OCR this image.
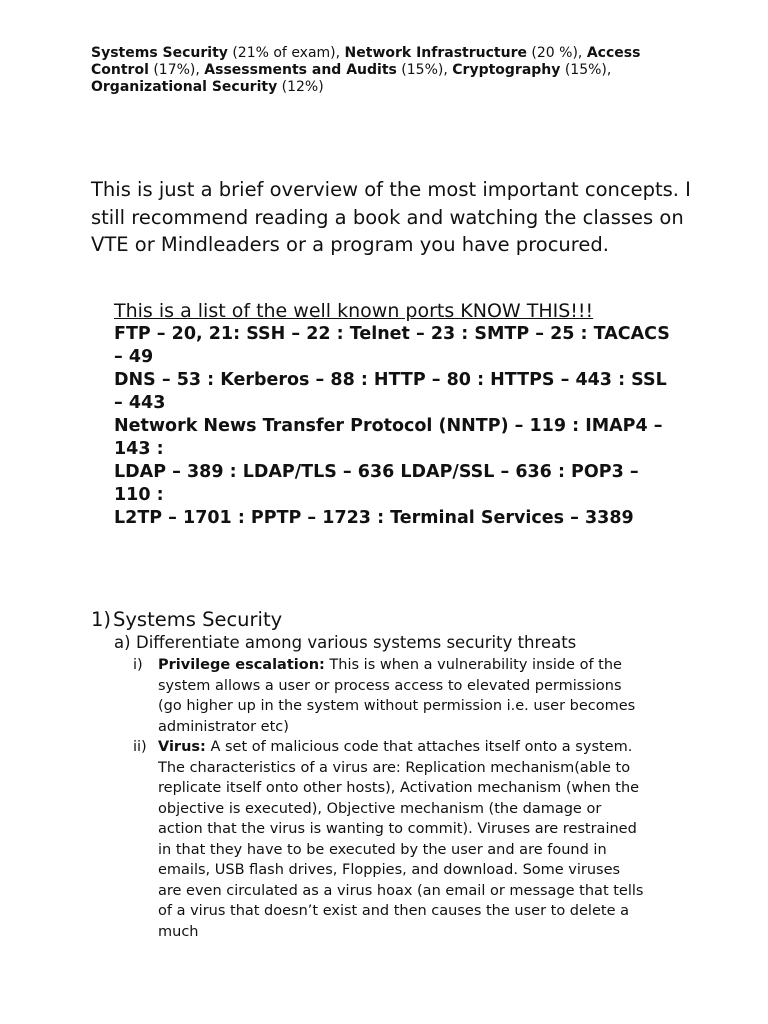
Systems Security (21% of exam), Network Infrastructure (20 %), Access Control (17%), Assessments and Audits (15%), Cryptography (15%), Organizational Security (12%)

This is just a brief overview of the most important concepts. I still recommend reading a book and watching the classes on VTE or Mindleaders or a program you have procured.

This is a list of the well known ports KNOW THIS!!!
FTP – 20, 21: SSH – 22 : Telnet – 23 : SMTP – 25 : TACACS – 49
DNS – 53 : Kerberos – 88 : HTTP – 80 : HTTPS – 443 : SSL – 443
Network News Transfer Protocol (NNTP) – 119 : IMAP4 – 143 :
LDAP – 389 : LDAP/TLS – 636 LDAP/SSL – 636 : POP3 – 110 :
L2TP – 1701 : PPTP – 1723 : Terminal Services – 3389
1) Systems Security
a) Differentiate among various systems security threats
i) Privilege escalation: This is when a vulnerability inside of the system allows a user or process access to elevated permissions (go higher up in the system without permission i.e. user becomes administrator etc)
ii) Virus: A set of malicious code that attaches itself onto a system. The characteristics of a virus are: Replication mechanism(able to replicate itself onto other hosts), Activation mechanism (when the objective is executed), Objective mechanism (the damage or action that the virus is wanting to commit). Viruses are restrained in that they have to be executed by the user and are found in emails, USB flash drives, Floppies, and download. Some viruses are even circulated as a virus hoax (an email or message that tells of a virus that doesn’t exist and then causes the user to delete a much
